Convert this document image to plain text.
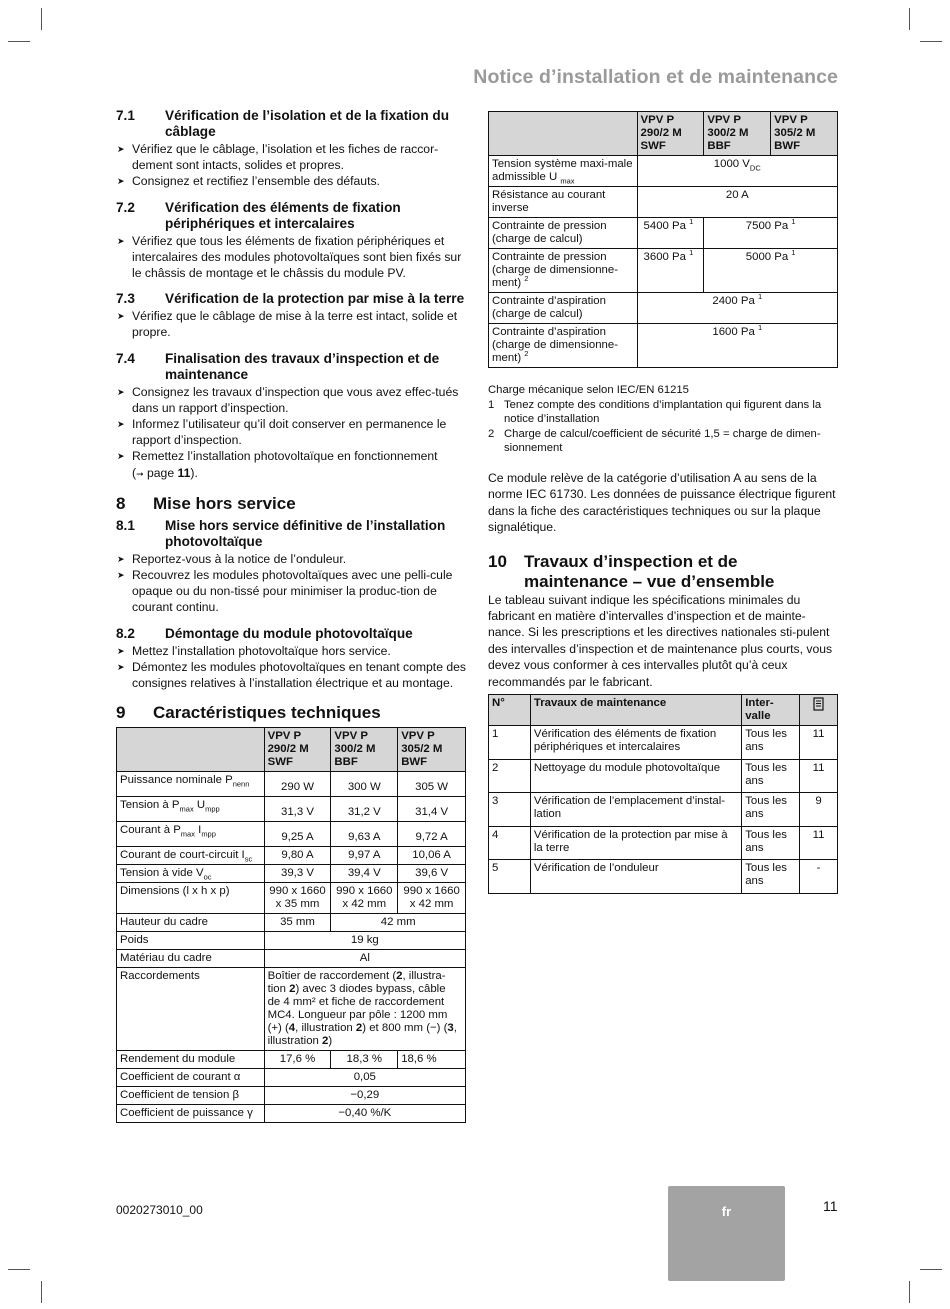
Notice d’installation et de maintenance
7.1	Vérification de l’isolation et de la fixation du câblage
➤ Vérifiez que le câblage, l’isolation et les fiches de raccor-dement sont intacts, solides et propres.
➤ Consignez et rectifiez l’ensemble des défauts.
7.2	Vérification des éléments de fixation périphériques et intercalaires
➤ Vérifiez que tous les éléments de fixation périphériques et intercalaires des modules photovoltaïques sont bien fixés sur le châssis de montage et le châssis du module PV.
7.3	Vérification de la protection par mise à la terre
➤ Vérifiez que le câblage de mise à la terre est intact, solide et propre.
7.4	Finalisation des travaux d’inspection et de maintenance
➤ Consignez les travaux d’inspection que vous avez effec-tués dans un rapport d’inspection.
➤ Informez l’utilisateur qu’il doit conserver en permanence le rapport d’inspection.
➤ Remettez l’installation photovoltaïque en fonctionnement
(➞ page 11).
8	Mise hors service
8.1	Mise hors service définitive de l’installation photovoltaïque
➤ Reportez-vous à la notice de l’onduleur.
➤ Recouvrez les modules photovoltaïques avec une pelli-cule opaque ou du non-tissé pour minimiser la produc-tion de courant continu.
8.2	Démontage du module photovoltaïque
➤ Mettez l’installation photovoltaïque hors service.
➤ Démontez les modules photovoltaïques en tenant compte des consignes relatives à l’installation électrique et au montage.
9	Caractéristiques techniques
	VPV P 290/2 M SWF	VPV P 300/2 M BBF	VPV P 305/2 M BWF
Puissance nominale $P_{nenn}$	290 W	300 W	305 W
Tension à $P_{max}$ $U_{mpp}$	31,3 V	31,2 V	31,4 V
Courant à $P_{max}$ $I_{mpp}$	9,25 A	9,63 A	9,72 A
Courant de court-circuit $I_{sc}$	9,80 A	9,97 A	10,06 A
Tension à vide $V_{oc}$	39,3 V	39,4 V	39,6 V
Dimensions (l x h x p)	990 x 1660 x 35 mm	990 x 1660 x 42 mm	990 x 1660 x 42 mm
Hauteur du cadre	35 mm	42 mm	
Poids	19 kg		
Matériau du cadre	Al		
Raccordements	Boîtier de raccordement (2, illustra-tion 2) avec 3 diodes bypass, câble de 4 mm² et fiche de raccordement MC4. Longueur par pôle : 1200 mm (+) (4, illustration 2) et 800 mm (−) (3, illustration 2)		
Rendement du module	17,6 %	18,3 %	18,6 %
Coefficient de courant α	0,05		
Coefficient de tension β	−0,29		
Coefficient de puissance γ	−0,40 %/K		
	VPV P 290/2 M SWF	VPV P 300/2 M BBF	VPV P 305/2 M BWF
Tension système maxi-male admissible U $_{max}$	1000 $V_{DC}$
Résistance au courant inverse	20 A		
Contrainte de pression (charge de calcul)	5400 Pa $^1$	7500 Pa $^1$
Contrainte de pression (charge de dimensionne-ment) $^2$	3600 Pa $^1$	5000 Pa $^1$
Contrainte d’aspiration (charge de calcul)	2400 Pa $^1$
Contrainte d’aspiration (charge de dimensionne-ment) $^2$	1600 Pa $^1$
Charge mécanique selon IEC/EN 61215
1 Tenez compte des conditions d’implantation qui figurent dans la notice d’installation
2 Charge de calcul/coefficient de sécurité 1,5 = charge de dimen-sionnement

Ce module relève de la catégorie d’utilisation A au sens de la norme IEC 61730. Les données de puissance électrique figurent dans la fiche des caractéristiques techniques ou sur la plaque signalétique.

10	Travaux d’inspection et de maintenance – vue d’ensemble

Le tableau suivant indique les spécifications minimales du fabricant en matière d’intervalles d’inspection et de mainte-nance. Si les prescriptions et les directives nationales sti-pulent des intervalles d’inspection et de maintenance plus courts, vous devez vous conformer à ces intervalles plutôt qu’à ceux recommandés par le fabricant.

N°	Travaux de maintenance	Inter-valle	
1	Vérification des éléments de fixation périphériques et intercalaires	Tous les ans	11
2	Nettoyage du module photovoltaïque	Tous les ans	11
3	Vérification de l’emplacement d’instal-lation	Tous les ans	9
4	Vérification de la protection par mise à la terre	Tous les ans	11
5	Vérification de l’onduleur	Tous les ans	-
0020273010_00	fr	11
